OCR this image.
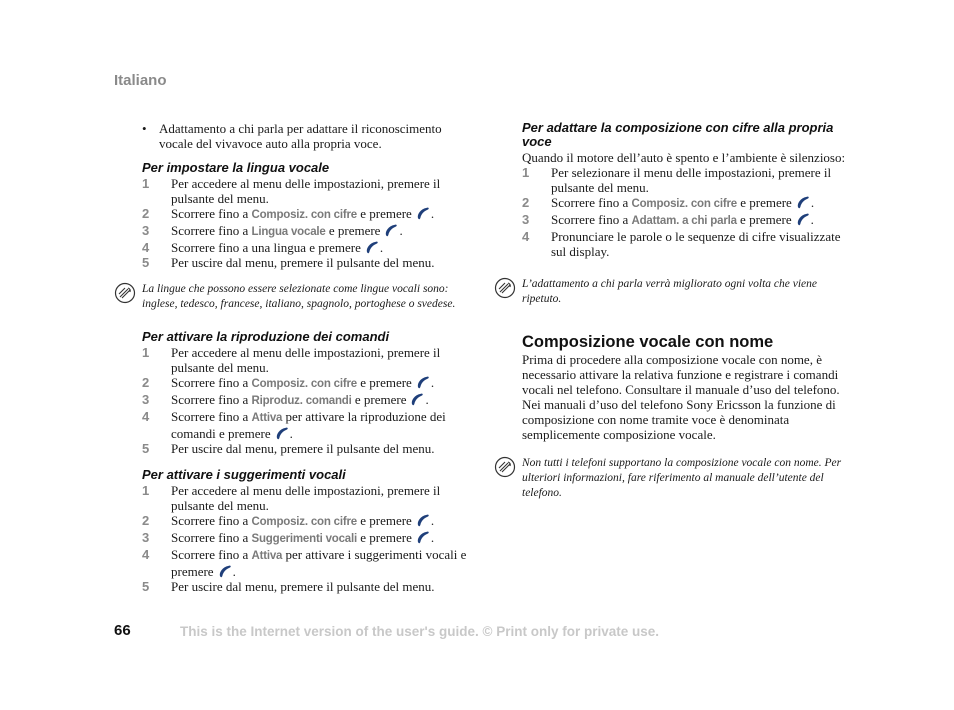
Italiano
• Adattamento a chi parla per adattare il riconoscimento vocale del vivavoce auto alla propria voce.
Per impostare la lingua vocale
1 Per accedere al menu delle impostazioni, premere il pulsante del menu.
2 Scorrere fino a Composiz. con cifre e premere .
3 Scorrere fino a Lingua vocale e premere .
4 Scorrere fino a una lingua e premere .
5 Per uscire dal menu, premere il pulsante del menu.

La lingue che possono essere selezionate come lingue vocali sono: inglese, tedesco, francese, italiano, spagnolo, portoghese o svedese.

Per attivare la riproduzione dei comandi
1 Per accedere al menu delle impostazioni, premere il pulsante del menu.
2 Scorrere fino a Composiz. con cifre e premere .
3 Scorrere fino a Riproduz. comandi e premere .
4 Scorrere fino a Attiva per attivare la riproduzione dei comandi e premere .
5 Per uscire dal menu, premere il pulsante del menu.
Per attivare i suggerimenti vocali
1 Per accedere al menu delle impostazioni, premere il pulsante del menu.
2 Scorrere fino a Composiz. con cifre e premere .
3 Scorrere fino a Suggerimenti vocali e premere .
4 Scorrere fino a Attiva per attivare i suggerimenti vocali e premere .
5 Per uscire dal menu, premere il pulsante del menu.
Per adattare la composizione con cifre alla propria voce

Quando il motore dell’auto è spento e l’ambiente è silenzioso:

1 Per selezionare il menu delle impostazioni, premere il pulsante del menu.
2 Scorrere fino a Composiz. con cifre e premere .
3 Scorrere fino a Adattam. a chi parla e premere .
4 Pronunciare le parole o le sequenze di cifre visualizzate sul display.

L’adattamento a chi parla verrà migliorato ogni volta che viene ripetuto.

Composizione vocale con nome

Prima di procedere alla composizione vocale con nome, è necessario attivare la relativa funzione e registrare i comandi vocali nel telefono. Consultare il manuale d’uso del telefono. Nei manuali d’uso del telefono Sony Ericsson la funzione di composizione con nome tramite voce è denominata semplicemente composizione vocale.

Non tutti i telefoni supportano la composizione vocale con nome. Per ulteriori informazioni, fare riferimento al manuale dell’utente del telefono.

66	This is the Internet version of the user's guide. © Print only for private use.
